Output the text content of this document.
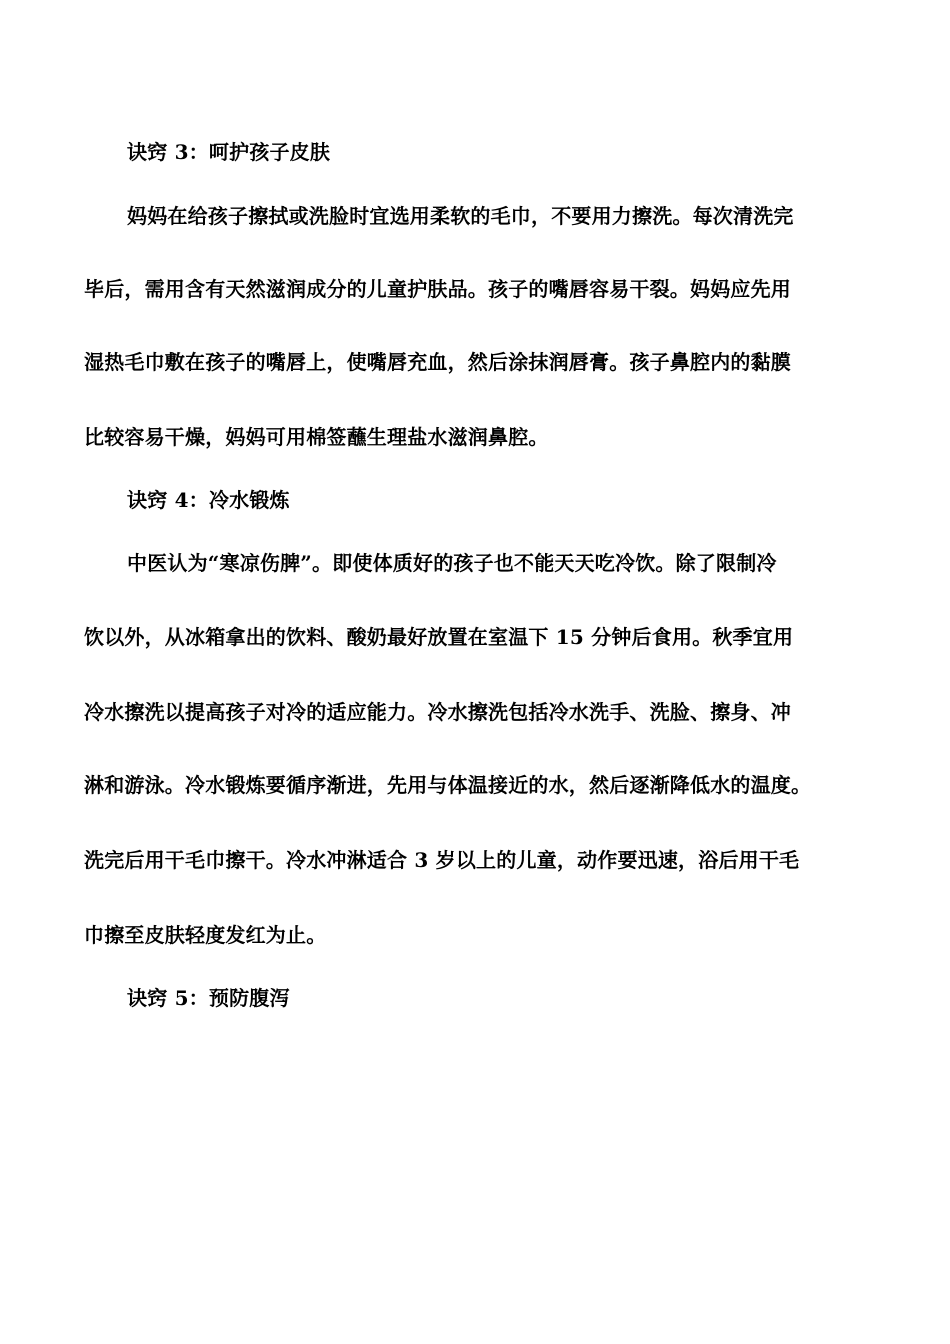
诀窍 3：呵护孩子皮肤
妈妈在给孩子擦拭或洗脸时宜选用柔软的毛巾，不要用力擦洗。每次清洗完
毕后，需用含有天然滋润成分的儿童护肤品。孩子的嘴唇容易干裂。妈妈应先用
湿热毛巾敷在孩子的嘴唇上，使嘴唇充血，然后涂抹润唇膏。孩子鼻腔内的黏膜
比较容易干燥，妈妈可用棉签蘸生理盐水滋润鼻腔。
诀窍 4：冷水锻炼
中医认为“寒凉伤脾”。即使体质好的孩子也不能天天吃冷饮。除了限制冷
饮以外，从冰箱拿出的饮料、酸奶最好放置在室温下 15 分钟后食用。秋季宜用
冷水擦洗以提高孩子对冷的适应能力。冷水擦洗包括冷水洗手、洗脸、擦身、冲
淋和游泳。冷水锻炼要循序渐进，先用与体温接近的水，然后逐渐降低水的温度。
洗完后用干毛巾擦干。冷水冲淋适合 3 岁以上的儿童，动作要迅速，浴后用干毛
巾擦至皮肤轻度发红为止。
诀窍 5：预防腹泻
